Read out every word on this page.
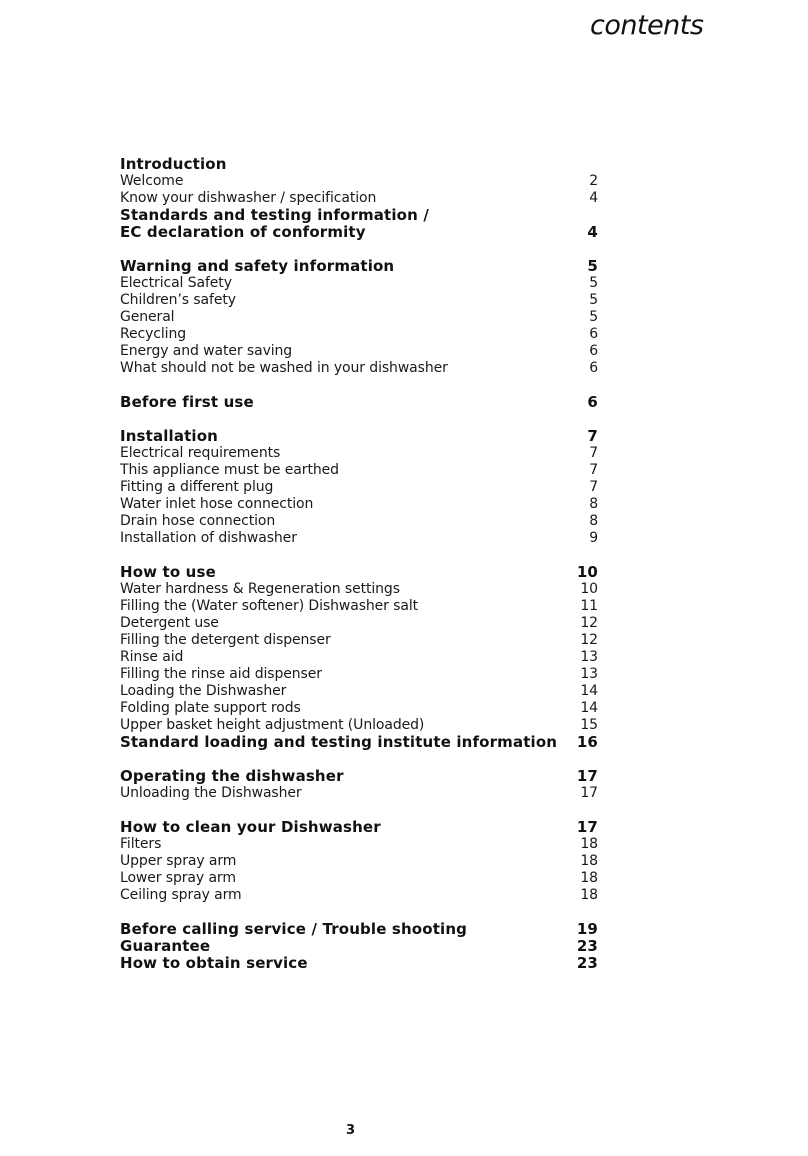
contents
Introduction
Welcome	2
Know your dishwasher / specification	4
Standards and testing information /
EC declaration of conformity	4
Warning and safety information	5
Electrical Safety	5
Children’s safety	5
General	5
Recycling	6
Energy and water saving	6
What should not be washed in your dishwasher	6
Before first use	6
Installation	7
Electrical requirements	7
This appliance must be earthed	7
Fitting a different plug	7
Water inlet hose connection	8
Drain hose connection	8
Installation of dishwasher	9
How to use	10
Water hardness & Regeneration settings	10
Filling the (Water softener) Dishwasher salt	11
Detergent use	12
Filling the detergent dispenser	12
Rinse aid	13
Filling the rinse aid dispenser	13
Loading the Dishwasher	14
Folding plate support rods	14
Upper basket height adjustment (Unloaded)	15
Standard loading and testing institute information 16
Operating the dishwasher	17
Unloading the Dishwasher	17
How to clean your Dishwasher	17
Filters	18
Upper spray arm	18
Lower spray arm	18
Ceiling spray arm	18
Before calling service / Trouble shooting	19
Guarantee	23
How to obtain service	23
3
